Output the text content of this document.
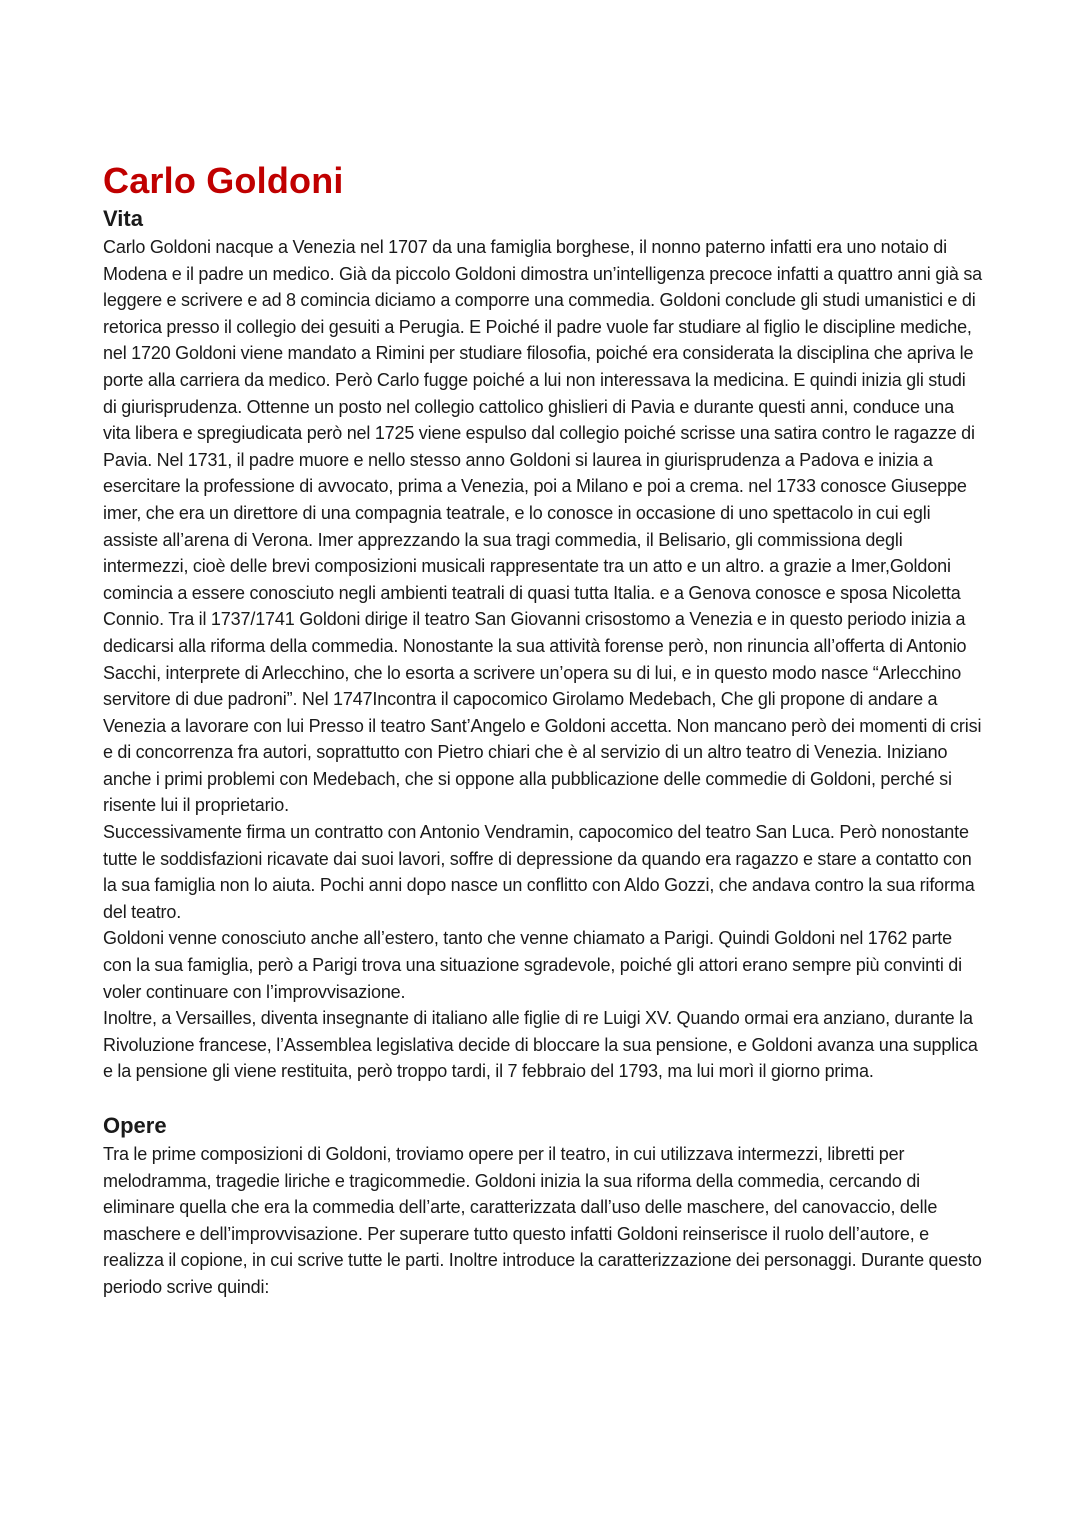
Carlo Goldoni
Vita

Carlo Goldoni nacque a Venezia nel 1707 da una famiglia borghese, il nonno paterno infatti era uno notaio di Modena e il padre un medico. Già da piccolo Goldoni dimostra un’intelligenza precoce infatti a quattro anni già sa leggere e scrivere e ad 8 comincia diciamo a comporre una commedia. Goldoni conclude gli studi umanistici e di retorica presso il collegio dei gesuiti a Perugia. E Poiché il padre vuole far studiare al figlio le discipline mediche, nel 1720 Goldoni viene mandato a Rimini per studiare filosofia, poiché era considerata la disciplina che apriva le porte alla carriera da medico. Però Carlo fugge poiché a lui non interessava la medicina. E quindi inizia gli studi di giurisprudenza. Ottenne un posto nel collegio cattolico ghislieri di Pavia e durante questi anni, conduce una vita libera e spregiudicata però nel 1725 viene espulso dal collegio poiché scrisse una satira contro le ragazze di Pavia. Nel 1731, il padre muore e nello stesso anno Goldoni si laurea in giurisprudenza a Padova e inizia a esercitare la professione di avvocato, prima a Venezia, poi a Milano e poi a crema. nel 1733 conosce Giuseppe imer, che era un direttore di una compagnia teatrale, e lo conosce in occasione di uno spettacolo in cui egli assiste all’arena di Verona. Imer apprezzando la sua tragi commedia, il Belisario, gli commissiona degli intermezzi, cioè delle brevi composizioni musicali rappresentate tra un atto e un altro. a grazie a Imer,Goldoni comincia a essere conosciuto negli ambienti teatrali di quasi tutta Italia. e a Genova conosce e sposa Nicoletta Connio. Tra il 1737/1741 Goldoni dirige il teatro San Giovanni crisostomo a Venezia e in questo periodo inizia a dedicarsi alla riforma della commedia. Nonostante la sua attività forense però, non rinuncia all’offerta di Antonio Sacchi, interprete di Arlecchino, che lo esorta a scrivere un’opera su di lui, e in questo modo nasce “Arlecchino servitore di due padroni”. Nel 1747Incontra il capocomico Girolamo Medebach, Che gli propone di andare a Venezia a lavorare con lui Presso il teatro Sant’Angelo e Goldoni accetta. Non mancano però dei momenti di crisi e di concorrenza fra autori, soprattutto con Pietro chiari che è al servizio di un altro teatro di Venezia. Iniziano anche i primi problemi con Medebach, che si oppone alla pubblicazione delle commedie di Goldoni, perché si risente lui il proprietario.

Successivamente firma un contratto con Antonio Vendramin, capocomico del teatro San Luca. Però nonostante tutte le soddisfazioni ricavate dai suoi lavori, soffre di depressione da quando era ragazzo e stare a contatto con la sua famiglia non lo aiuta. Pochi anni dopo nasce un conflitto con Aldo Gozzi, che andava contro la sua riforma del teatro.

Goldoni venne conosciuto anche all’estero, tanto che venne chiamato a Parigi. Quindi Goldoni nel 1762 parte con la sua famiglia, però a Parigi trova una situazione sgradevole, poiché gli attori erano sempre più convinti di voler continuare con l’improvvisazione.

Inoltre, a Versailles, diventa insegnante di italiano alle figlie di re Luigi XV. Quando ormai era anziano, durante la Rivoluzione francese, l’Assemblea legislativa decide di bloccare la sua pensione, e Goldoni avanza una supplica e la pensione gli viene restituita, però troppo tardi, il 7 febbraio del 1793, ma lui morì il giorno prima.

Opere

Tra le prime composizioni di Goldoni, troviamo opere per il teatro, in cui utilizzava intermezzi, libretti per melodramma, tragedie liriche e tragicommedie. Goldoni inizia la sua riforma della commedia, cercando di eliminare quella che era la commedia dell’arte, caratterizzata dall’uso delle maschere, del canovaccio, delle maschere e dell’improvvisazione. Per superare tutto questo infatti Goldoni reinserisce il ruolo dell’autore, e realizza il copione, in cui scrive tutte le parti. Inoltre introduce la caratterizzazione dei personaggi. Durante questo periodo scrive quindi:
